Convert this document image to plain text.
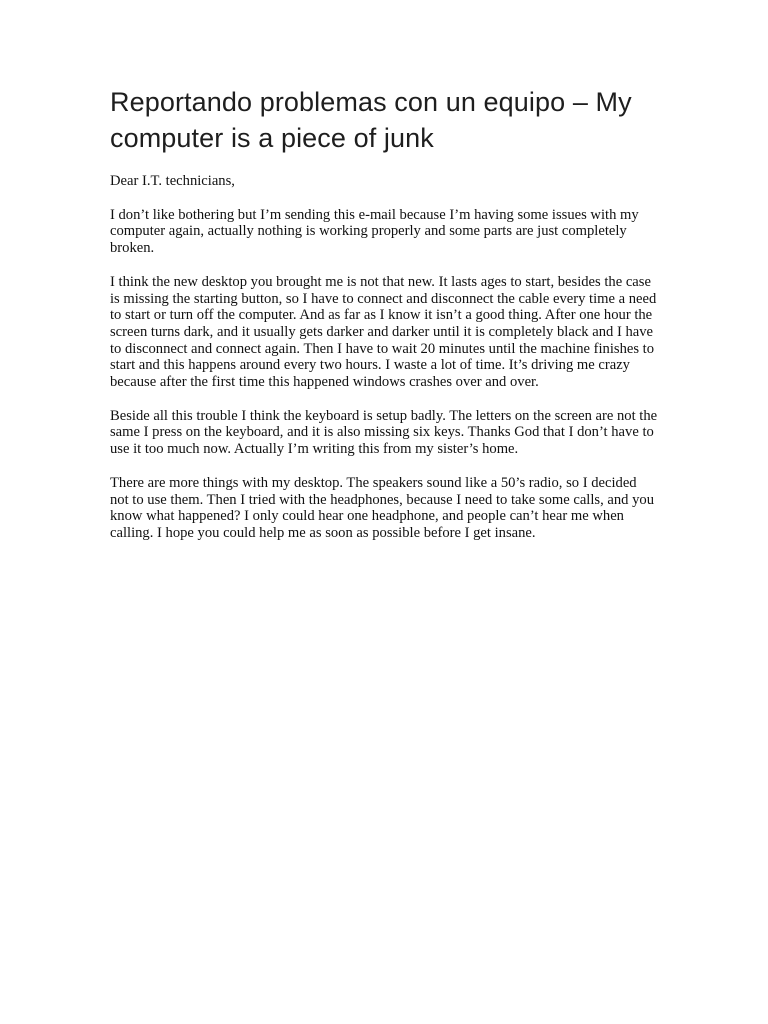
Reportando problemas con un equipo – My computer is a piece of junk

Dear I.T. technicians,

I don’t like bothering but I’m sending this e-mail because I’m having some issues with my computer again, actually nothing is working properly and some parts are just completely broken.

I think the new desktop you brought me is not that new. It lasts ages to start, besides the case is missing the starting button, so I have to connect and disconnect the cable every time a need to start or turn off the computer. And as far as I know it isn’t a good thing. After one hour the screen turns dark, and it usually gets darker and darker until it is completely black and I have to disconnect and connect again. Then I have to wait 20 minutes until the machine finishes to start and this happens around every two hours. I waste a lot of time. It’s driving me crazy because after the first time this happened windows crashes over and over.

Beside all this trouble I think the keyboard is setup badly. The letters on the screen are not the same I press on the keyboard, and it is also missing six keys. Thanks God that I don’t have to use it too much now. Actually I’m writing this from my sister’s home.

There are more things with my desktop. The speakers sound like a 50’s radio, so I decided not to use them. Then I tried with the headphones, because I need to take some calls, and you know what happened? I only could hear one headphone, and people can’t hear me when calling. I hope you could help me as soon as possible before I get insane.
